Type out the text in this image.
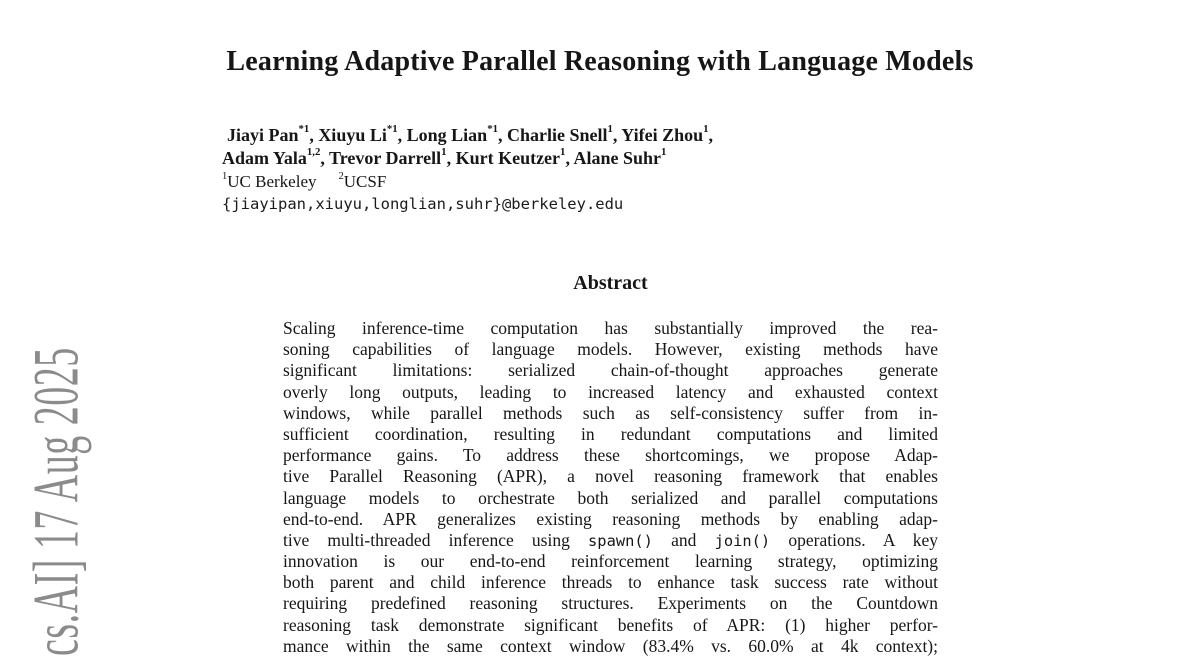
cs.AI] 17 Aug 2025
Learning Adaptive Parallel Reasoning with Language Models
Jiayi Pan$^{*1}$, Xiuyu Li$^{*1}$, Long Lian$^{*1}$, Charlie Snell$^1$, Yifei Zhou$^1$,
Adam Yala$^{1,2}$, Trevor Darrell$^1$, Kurt Keutzer$^1$, Alane Suhr$^1$
$^1$UC Berkeley $^2$UCSF
{jiayipan,xiuyu,longlian,suhr}@berkeley.edu
Abstract
Scaling inference-time computation has substantially improved the rea-
soning capabilities of language models. However, existing methods have
significant limitations: serialized chain-of-thought approaches generate
overly long outputs, leading to increased latency and exhausted context
windows, while parallel methods such as self-consistency suffer from in-
sufficient coordination, resulting in redundant computations and limited
performance gains. To address these shortcomings, we propose Adap-
tive Parallel Reasoning (APR), a novel reasoning framework that enables
language models to orchestrate both serialized and parallel computations
end-to-end. APR generalizes existing reasoning methods by enabling adap-
tive multi-threaded inference using spawn() and join() operations. A key
innovation is our end-to-end reinforcement learning strategy, optimizing
both parent and child inference threads to enhance task success rate without
requiring predefined reasoning structures. Experiments on the Countdown
reasoning task demonstrate significant benefits of APR: (1) higher perfor-
mance within the same context window (83.4% vs. 60.0% at 4k context);
